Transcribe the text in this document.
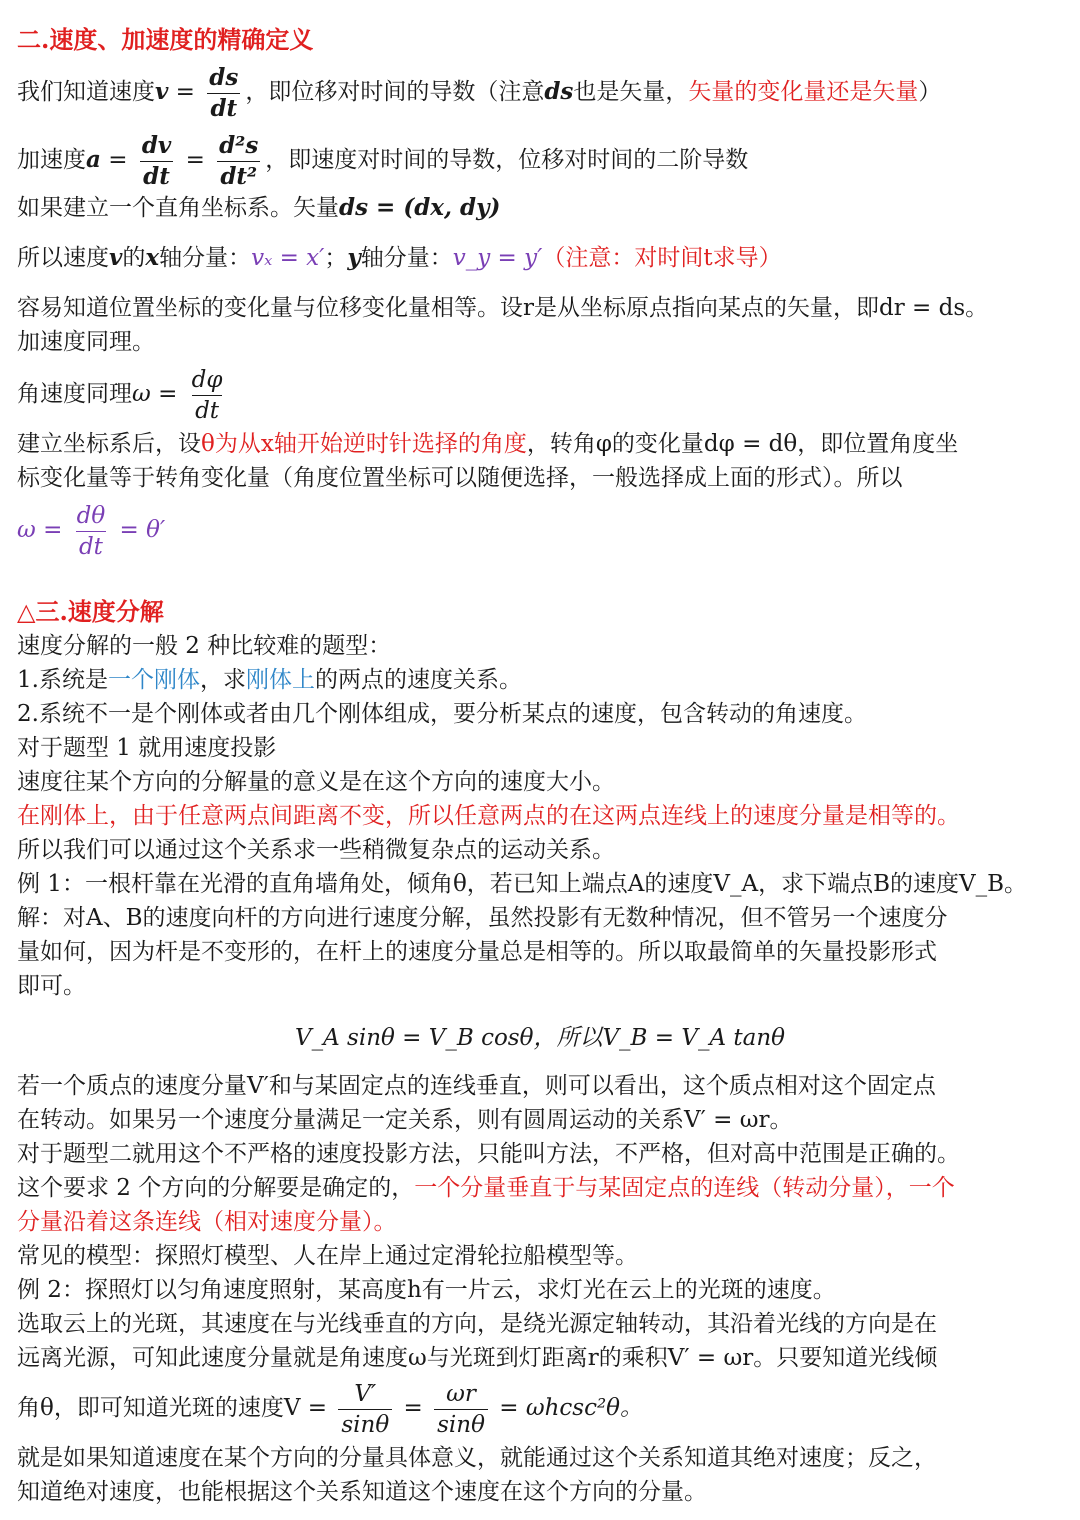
二.速度、加速度的精确定义
我们知道速度$v = \frac{ds}{dt}$ ，即位移对时间的导数（注意ds也是矢量，矢量的变化量还是矢量）
加速度$a = \frac{dv}{dt} = \frac{\text{d²s}}{\text{dt²}}$ ，即速度对时间的导数，位移对时间的二阶导数
如果建立一个直角坐标系。矢量ds = (dx, dy)
所以速度v的x轴分量：vₓ = x′；y轴分量：v_y = y′（注意：对时间t求导）
容易知道位置坐标的变化量与位移变化量相等。设r是从坐标原点指向某点的矢量，即dr = ds。
加速度同理。
角速度同理$\omega = \frac{d\varphi}{dt}$
建立坐标系后，设θ为从x轴开始逆时针选择的角度，转角φ的变化量dφ = dθ，即位置角度坐
标变化量等于转角变化量（角度位置坐标可以随便选择，一般选择成上面的形式）。所以
$\omega = \frac{d\theta}{dt} = \theta'$
△三.速度分解
速度分解的一般 2 种比较难的题型：
1.系统是一个刚体，求刚体上的两点的速度关系。
2.系统不一是个刚体或者由几个刚体组成，要分析某点的速度，包含转动的角速度。
对于题型 1 就用速度投影
速度往某个方向的分解量的意义是在这个方向的速度大小。
在刚体上，由于任意两点间距离不变，所以任意两点的在这两点连线上的速度分量是相等的。
所以我们可以通过这个关系求一些稍微复杂点的运动关系。
例 1：一根杆靠在光滑的直角墙角处，倾角θ，若已知上端点A的速度V_A，求下端点B的速度V_B。
解：对A、B的速度向杆的方向进行速度分解，虽然投影有无数种情况，但不管另一个速度分
量如何，因为杆是不变形的，在杆上的速度分量总是相等的。所以取最简单的矢量投影形式
即可。
V_A sinθ = V_B cosθ，所以V_B = V_A tanθ
若一个质点的速度分量V′和与某固定点的连线垂直，则可以看出，这个质点相对这个固定点
在转动。如果另一个速度分量满足一定关系，则有圆周运动的关系V′ = ωr。
对于题型二就用这个不严格的速度投影方法，只能叫方法，不严格，但对高中范围是正确的。
这个要求 2 个方向的分解要是确定的，一个分量垂直于与某固定点的连线（转动分量），一个
分量沿着这条连线（相对速度分量）。
常见的模型：探照灯模型、人在岸上通过定滑轮拉船模型等。
例 2：探照灯以匀角速度照射，某高度h有一片云，求灯光在云上的光斑的速度。
选取云上的光斑，其速度在与光线垂直的方向，是绕光源定轴转动，其沿着光线的方向是在
远离光源，可知此速度分量就是角速度ω与光斑到灯距离r的乘积V′ = ωr。只要知道光线倾
角θ，即可知道光斑的速度$V = \frac{V'}{\sin\theta} = \frac{\omega r}{\sin\theta} = \omega hcsc^2\theta$。
就是如果知道速度在某个方向的分量具体意义，就能通过这个关系知道其绝对速度；反之，
知道绝对速度，也能根据这个关系知道这个速度在这个方向的分量。
